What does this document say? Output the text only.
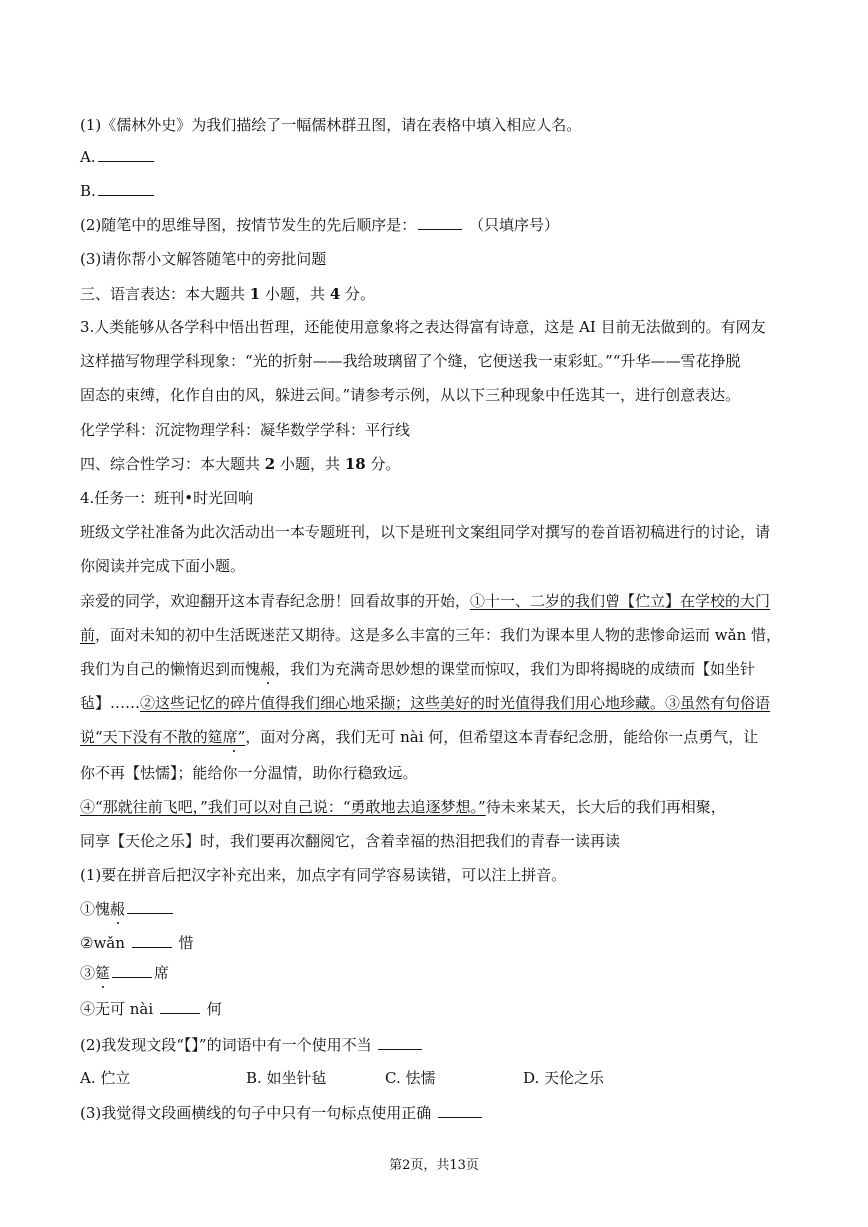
(1)《儒林外史》为我们描绘了一幅儒林群丑图，请在表格中填入相应人名。
A.
B.
(2)随笔中的思维导图，按情节发生的先后顺序是：	（只填序号）
(3)请你帮小文解答随笔中的旁批问题
三、语言表达：本大题共 1 小题，共 4 分。
3.人类能够从各学科中悟出哲理，还能使用意象将之表达得富有诗意，这是 AI 目前无法做到的。有网友
这样描写物理学科现象：“光的折射——我给玻璃留了个缝，它便送我一束彩虹。”“升华——雪花挣脱
固态的束缚，化作自由的风，躲进云间。”请参考示例，从以下三种现象中任选其一，进行创意表达。
化学学科：沉淀物理学科：凝华数学学科：平行线
四、综合性学习：本大题共 2 小题，共 18 分。
4.任务一：班刊•时光回响
班级文学社准备为此次活动出一本专题班刊，以下是班刊文案组同学对撰写的卷首语初稿进行的讨论，请
你阅读并完成下面小题。
亲爱的同学，欢迎翻开这本青春纪念册！回看故事的开始，①十一、二岁的我们曾【伫立】在学校的大门
前，面对未知的初中生活既迷茫又期待。这是多么丰富的三年：我们为课本里人物的悲惨命运而 wǎn 惜，
我们为自己的懒惰迟到而愧赧，我们为充满奇思妙想的课堂而惊叹，我们为即将揭晓的成绩而【如坐针
毡】……②这些记忆的碎片值得我们细心地采撷；这些美好的时光值得我们用心地珍藏。③虽然有句俗语
说“天下没有不散的筵席”，面对分离，我们无可 nài 何，但希望这本青春纪念册，能给你一点勇气，让
你不再【怯懦】；能给你一分温情，助你行稳致远。
④“那就往前飞吧，”我们可以对自己说：“勇敢地去追逐梦想。”待未来某天，长大后的我们再相聚，
同享【天伦之乐】时，我们要再次翻阅它，含着幸福的热泪把我们的青春一读再读
(1)要在拼音后把汉字补充出来，加点字有同学容易读错，可以注上拼音。
①愧赧
②wǎn	惜
③筵	席
④无可 nài	何
(2)我发现文段“【】”的词语中有一个使用不当
A. 伫立	B. 如坐针毡	C. 怯懦	D. 天伦之乐
(3)我觉得文段画横线的句子中只有一句标点使用正确
第2页，共13页
